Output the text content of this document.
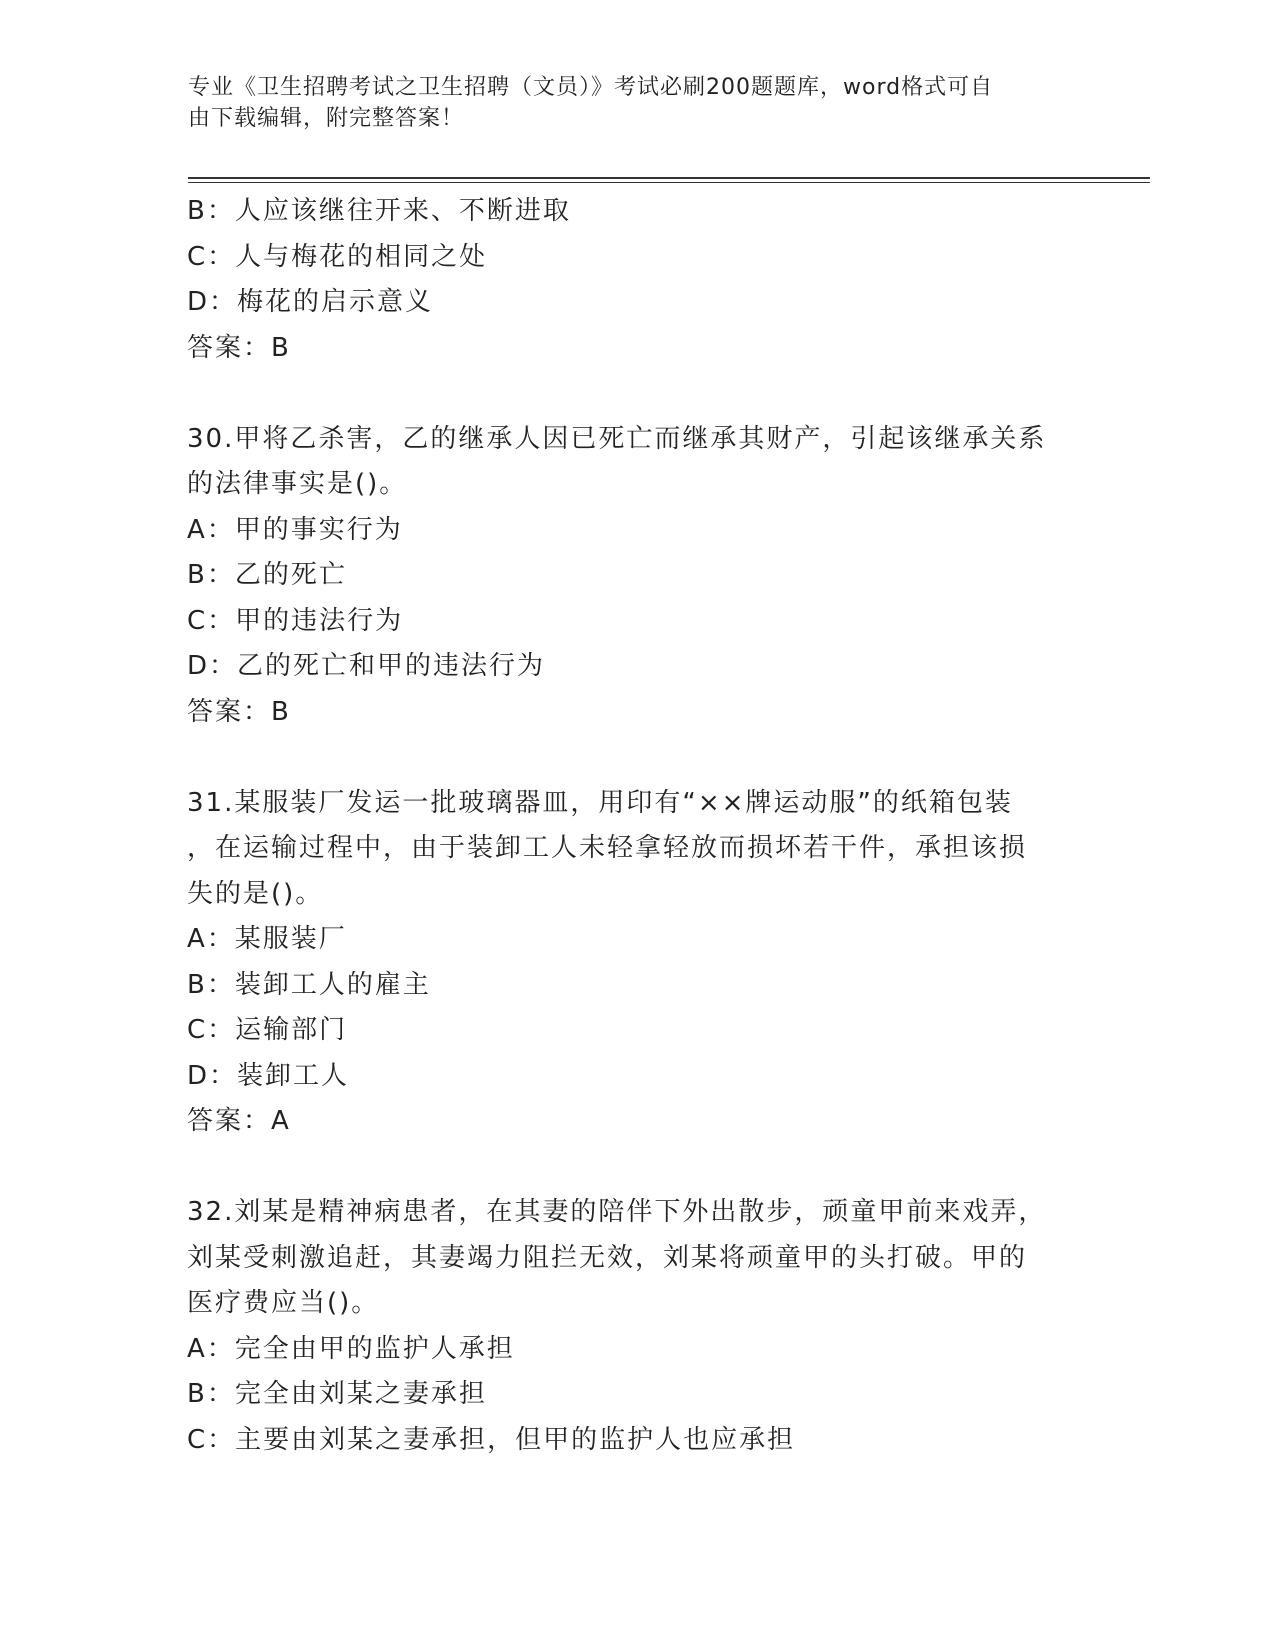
专业《卫生招聘考试之卫生招聘（文员）》考试必刷200题题库，word格式可自
由下载编辑，附完整答案！
B：人应该继往开来、不断进取
C：人与梅花的相同之处
D：梅花的启示意义
答案：B
30.甲将乙杀害，乙的继承人因已死亡而继承其财产，引起该继承关系
的法律事实是()。
A：甲的事实行为
B：乙的死亡
C：甲的违法行为
D：乙的死亡和甲的违法行为
答案：B
31.某服装厂发运一批玻璃器皿，用印有“××牌运动服”的纸箱包装
，在运输过程中，由于装卸工人未轻拿轻放而损坏若干件，承担该损
失的是()。
A：某服装厂
B：装卸工人的雇主
C：运输部门
D：装卸工人
答案：A
32.刘某是精神病患者，在其妻的陪伴下外出散步，顽童甲前来戏弄，
刘某受刺激追赶，其妻竭力阻拦无效，刘某将顽童甲的头打破。甲的
医疗费应当()。
A：完全由甲的监护人承担
B：完全由刘某之妻承担
C：主要由刘某之妻承担，但甲的监护人也应承担
